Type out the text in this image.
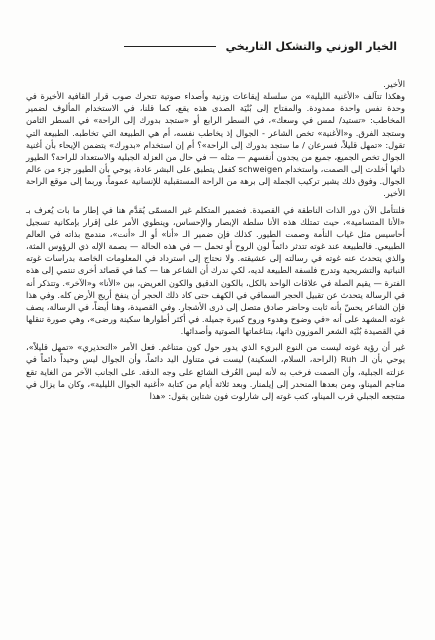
الخيار الوزني والتشكل التاريخي

الأخير.

وهكذا تتآلف «الأغنية الليلية» من سلسلة إيقاعات وزنية وأصداء صوتية تتحرك صوب قرار القافية الأخيرة في وحدة نفس واحدة ممدودة. والمفتاح إلى بُنْيَة الصدى هذه يقع، كما قلنا، في الاستخدام المألوف لضمير المخاطب: «تستيد/ لمس في وسعك»، في السطر الرابع أو «ستجد بدورك إلى الراحة» في السطر الثامن وستجد الفرق. و«الأغنية» تخص الشاعر - الجوال إذ يخاطب نفسه، أم هي الطبيعة التي تخاطبه. الطبيعة التي تقول: «تمهل قليلاً، فسرعان / ما ستجد بدورك إلى الراحة»؟ أم إن استخدام «بدورك» يتضمن الإيحاء بأن أغنية الجوال تخص الجميع، جميع من يجدون أنفسهم — مثله — في حال من العزلة الجبلية والاستعداد للراحة؟ الطيور ذاتها أخلدت إلى الصمت، واستخدام schweigen كفعل يتطبق على البشر عادة، يوحي بأن الطيور جزء من عالم الجوال. وفوق ذلك يشير تركيب الجملة إلى برهة من الراحة المستقبلية للإنسانية عموماً، وربما إلى موقع الراحة الأخير.

فلنتأمل الآن دور الذات الناطقة في القصيدة. فضمير المتكلم غير المسمّى يُقدَّم هنا في إطار ما بات يُعرف بـ «الأنا المتسامية»، حيث تمتلك هذه الأنا سلطة الإبصار والإحساس، وينطوي الأمر على إقرار بإمكانية تسجيل أحاسيس مثل غياب النأمة وصمت الطيور. كذلك فإن ضمير الـ «أنا» أو الـ «أنت»، مندمج بذاته في العالم الطبيعي. فالطبيعة عند غوته تتدثر دائماً لون الروح أو تحمل — في هذه الحالة — بصمة الإله ذي الرؤوس المثة، والذي يتحدث عنه غوته في رسالته إلى عشيقته. ولا نحتاج إلى استرداد في المعلومات الخاصة بدراسات غوته النباتية والتشريحية وتدرج فلسفة الطبيعة لديه، لكي ندرك أن الشاعر هنا — كما في قصائد أخرى تنتمي إلى هذه الفترة — يقيم الصلة في علاقات الواحد بالكل، بالكون الدقيق والكون العريض، بين «الأنا» و«الآخر». وتتذكر أنه في الرسالة يتحدث عن تقبيل الحجر السماقي في الكهف حتى كاد ذلك الحجر أن ينفخ أريج الأرض كله. وفي هذا فإن الشاعر يحسّ بأنه ثابت وحاضر صادق متصل إلى ذرى الأشجار. وفي القصيدة، وهنا أيضاً، في الرسالة، يصف غوته المشهد على أنه «في وضوح وهدوء وروح كبيرة جميلة. في أكثر أطوارها سكينة ورضى»، وهي صورة تنقلها في القصيدة بُنْيَة الشعر الموزون ذاتها، بتناغماتها الصوتية وأصدائها.

غير أن رؤية غوته ليست من النوع البريء الذي يدور حول كون متناغم. فعل الأمر «التحذيري» «تمهل قليلاً»، يوحي بأن الـ Ruh (الراحة، السلام، السكينة) ليست في متناول اليد دائماً، وأن الجوال ليس وحيداً دائماً في عزلته الجبلية، وأن الصمت فرخب به لأنه ليس العُرف الشائع على وجه الدقة. على الجانب الآخر من الغاية تقع مناجم الميناو، ومن بعدها المنحدر إلى إيلمنار. وبعد ثلاثة أيام من كتابة «أغنية الجوال الليلية»، وكان ما يزال في منتجعه الجبلي قرب الميناو، كتب غوته إلى شارلوت فون شتاين يقول: «هذا
